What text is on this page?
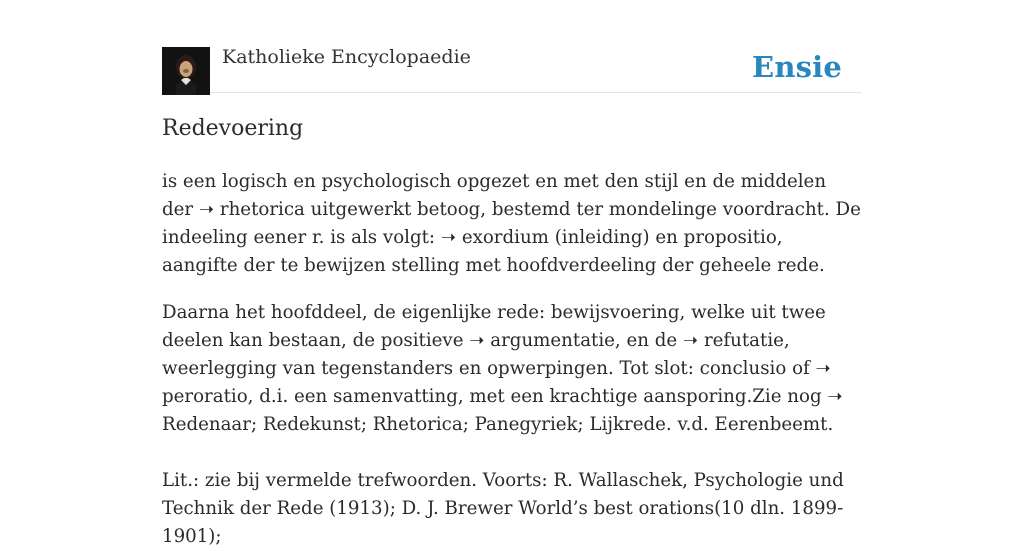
Katholieke Encyclopaedie	Ensie
Redevoering

is een logisch en psychologisch opgezet en met den stijl en de middelen der ➝ rhetorica uitgewerkt betoog, bestemd ter mondelinge voordracht. De indeeling eener r. is als volgt: ➝ exordium (inleiding) en propositio, aangifte der te bewijzen stelling met hoofdverdeeling der geheele rede.

Daarna het hoofddeel, de eigenlijke rede: bewijsvoering, welke uit twee deelen kan bestaan, de positieve ➝ argumentatie, en de ➝ refutatie, weerlegging van tegenstanders en opwerpingen. Tot slot: conclusio of ➝ peroratio, d.i. een samenvatting, met een krachtige aansporing.Zie nog ➝ Redenaar; Redekunst; Rhetorica; Panegyriek; Lijkrede. v.d. Eerenbeemt.

Lit.: zie bij vermelde trefwoorden. Voorts: R. Wallaschek, Psychologie und Technik der Rede (1913); D. J. Brewer World’s best orations(10 dln. 1899-1901);
